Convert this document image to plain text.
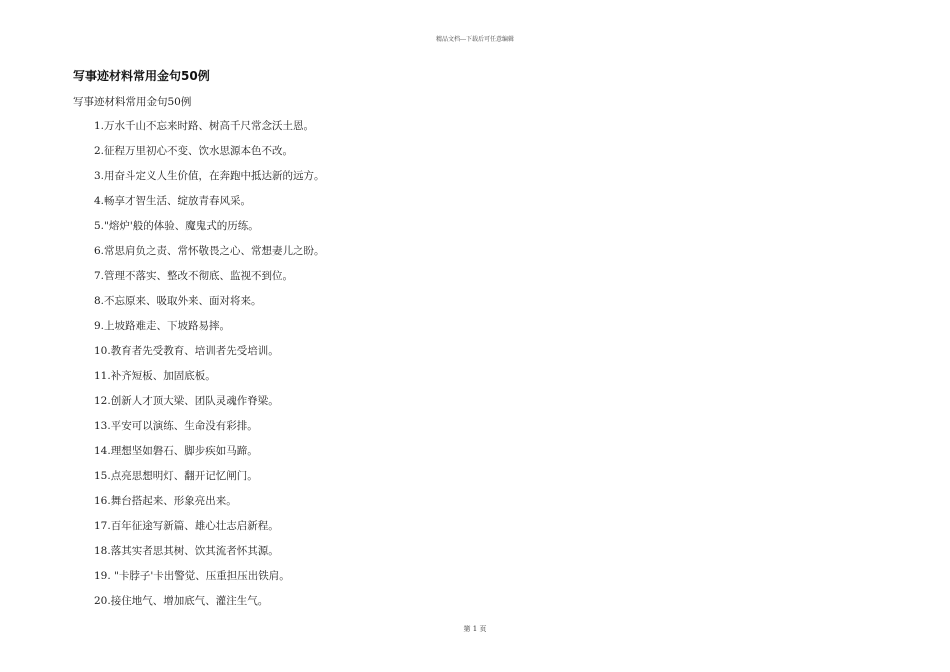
精品文档---下载后可任意编辑
写事迹材料常用金句50例
写事迹材料常用金句50例
1.万水千山不忘来时路、树高千尺常念沃土恩。
2.征程万里初心不变、饮水思源本色不改。
3.用奋斗定义人生价值，在奔跑中抵达新的远方。
4.畅享才智生活、绽放青春风采。
5."熔炉'般的体验、魔鬼式的历练。
6.常思肩负之责、常怀敬畏之心、常想妻儿之盼。
7.管理不落实、整改不彻底、监视不到位。
8.不忘原来、吸取外来、面对将来。
9.上坡路难走、下坡路易摔。
10.教育者先受教育、培训者先受培训。
11.补齐短板、加固底板。
12.创新人才顶大梁、团队灵魂作脊梁。
13.平安可以演练、生命没有彩排。
14.理想坚如磐石、脚步疾如马蹄。
15.点亮思想明灯、翻开记忆闸门。
16.舞台搭起来、形象亮出来。
17.百年征途写新篇、雄心壮志启新程。
18.落其实者思其树、饮其流者怀其源。
19. "卡脖子'卡出警觉、压重担压出铁肩。
20.接住地气、增加底气、灌注生气。
第 1 页
